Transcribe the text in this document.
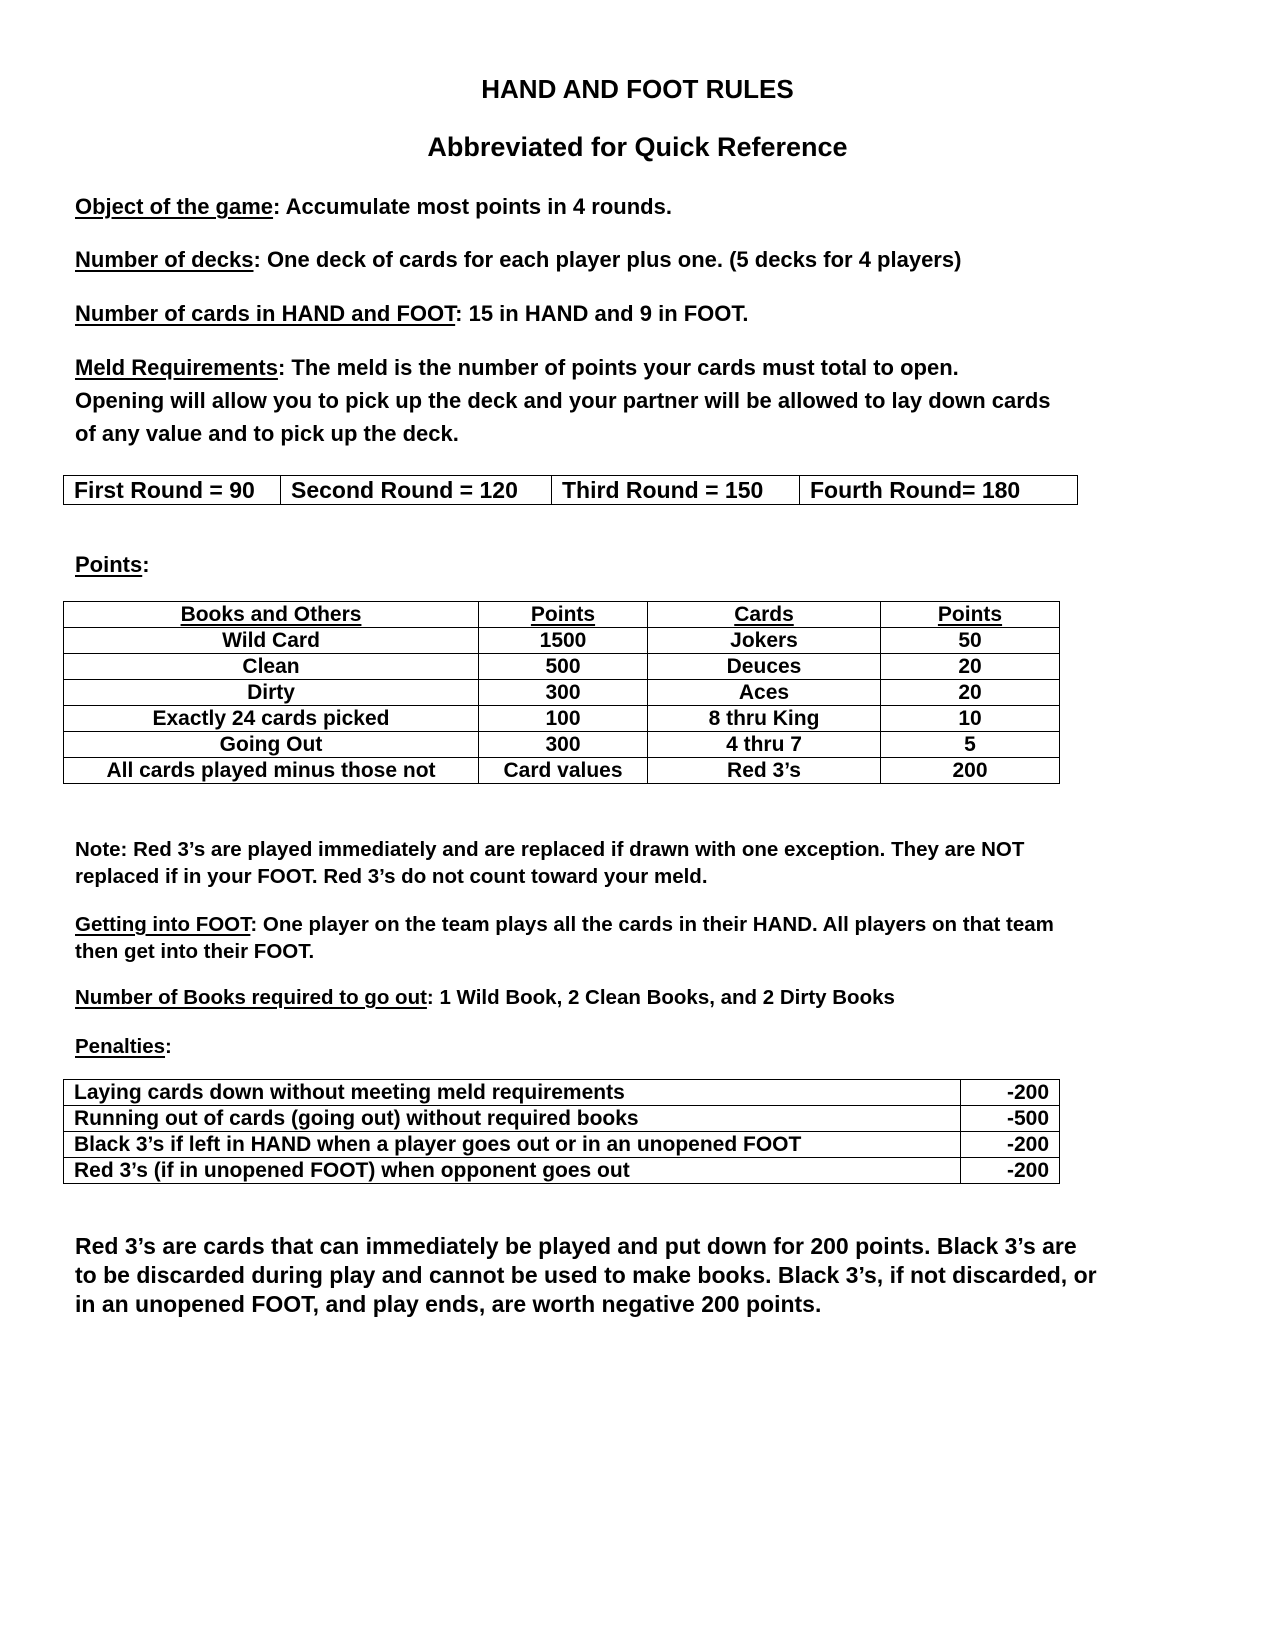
HAND AND FOOT RULES
Abbreviated for Quick Reference
Object of the game: Accumulate most points in 4 rounds.
Number of decks: One deck of cards for each player plus one. (5 decks for 4 players)
Number of cards in HAND and FOOT: 15 in HAND and 9 in FOOT.
Meld Requirements: The meld is the number of points your cards must total to open.
Opening will allow you to pick up the deck and your partner will be allowed to lay down cards
of any value and to pick up the deck.
First Round = 90	Second Round = 120	Third Round = 150	Fourth Round= 180
Points:
Books and Others	Points	Cards	Points
Wild Card	1500	Jokers	50
Clean	500	Deuces	20
Dirty	300	Aces	20
Exactly 24 cards picked	100	8 thru King	10
Going Out	300	4 thru 7	5
All cards played minus those not	Card values	Red 3’s	200
Note: Red 3’s are played immediately and are replaced if drawn with one exception. They are NOT
replaced if in your FOOT. Red 3’s do not count toward your meld.
Getting into FOOT: One player on the team plays all the cards in their HAND. All players on that team
then get into their FOOT.
Number of Books required to go out: 1 Wild Book, 2 Clean Books, and 2 Dirty Books
Penalties:
Laying cards down without meeting meld requirements	-200
Running out of cards (going out) without required books	-500
Black 3’s if left in HAND when a player goes out or in an unopened FOOT	-200
Red 3’s (if in unopened FOOT) when opponent goes out	-200
Red 3’s are cards that can immediately be played and put down for 200 points. Black 3’s are
to be discarded during play and cannot be used to make books. Black 3’s, if not discarded, or
in an unopened FOOT, and play ends, are worth negative 200 points.
